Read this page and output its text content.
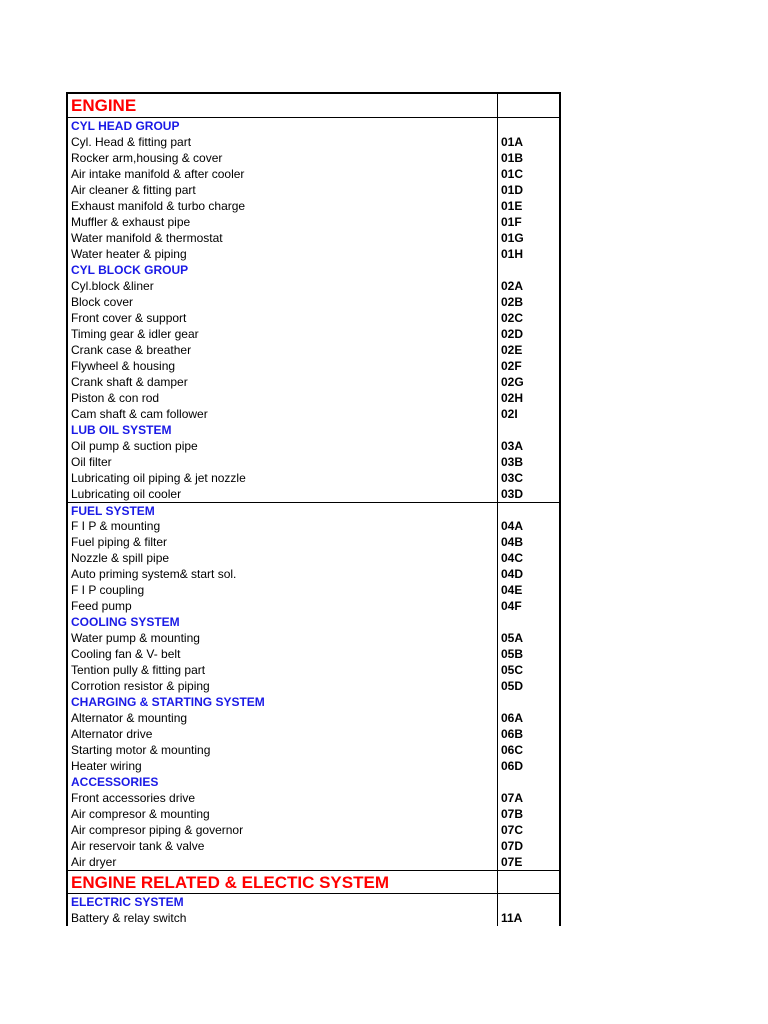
ENGINE
CYL HEAD GROUP
Cyl. Head & fitting part	01A
Rocker arm,housing & cover	01B
Air intake manifold & after cooler	01C
Air cleaner & fitting part	01D
Exhaust manifold & turbo charge	01E
Muffler & exhaust pipe	01F
Water manifold & thermostat	01G
Water heater & piping	01H
CYL BLOCK GROUP
Cyl.block &liner	02A
Block cover	02B
Front cover & support	02C
Timing gear & idler gear	02D
Crank case & breather	02E
Flywheel & housing	02F
Crank shaft & damper	02G
Piston & con rod	02H
Cam shaft & cam follower	02I
LUB OIL SYSTEM
Oil pump & suction pipe	03A
Oil filter	03B
Lubricating oil piping & jet nozzle	03C
Lubricating oil cooler	03D
FUEL SYSTEM
F I P & mounting	04A
Fuel piping & filter	04B
Nozzle & spill pipe	04C
Auto priming system& start sol.	04D
F I P coupling	04E
Feed pump	04F
COOLING SYSTEM
Water pump & mounting	05A
Cooling fan & V- belt	05B
Tention pully & fitting part	05C
Corrotion resistor & piping	05D
CHARGING & STARTING SYSTEM
Alternator & mounting	06A
Alternator drive	06B
Starting motor & mounting	06C
Heater wiring	06D
ACCESSORIES
Front accessories drive	07A
Air compresor & mounting	07B
Air compresor piping & governor	07C
Air reservoir tank & valve	07D
Air dryer	07E
ENGINE RELATED & ELECTIC SYSTEM
ELECTRIC SYSTEM
Battery & relay switch	11A
